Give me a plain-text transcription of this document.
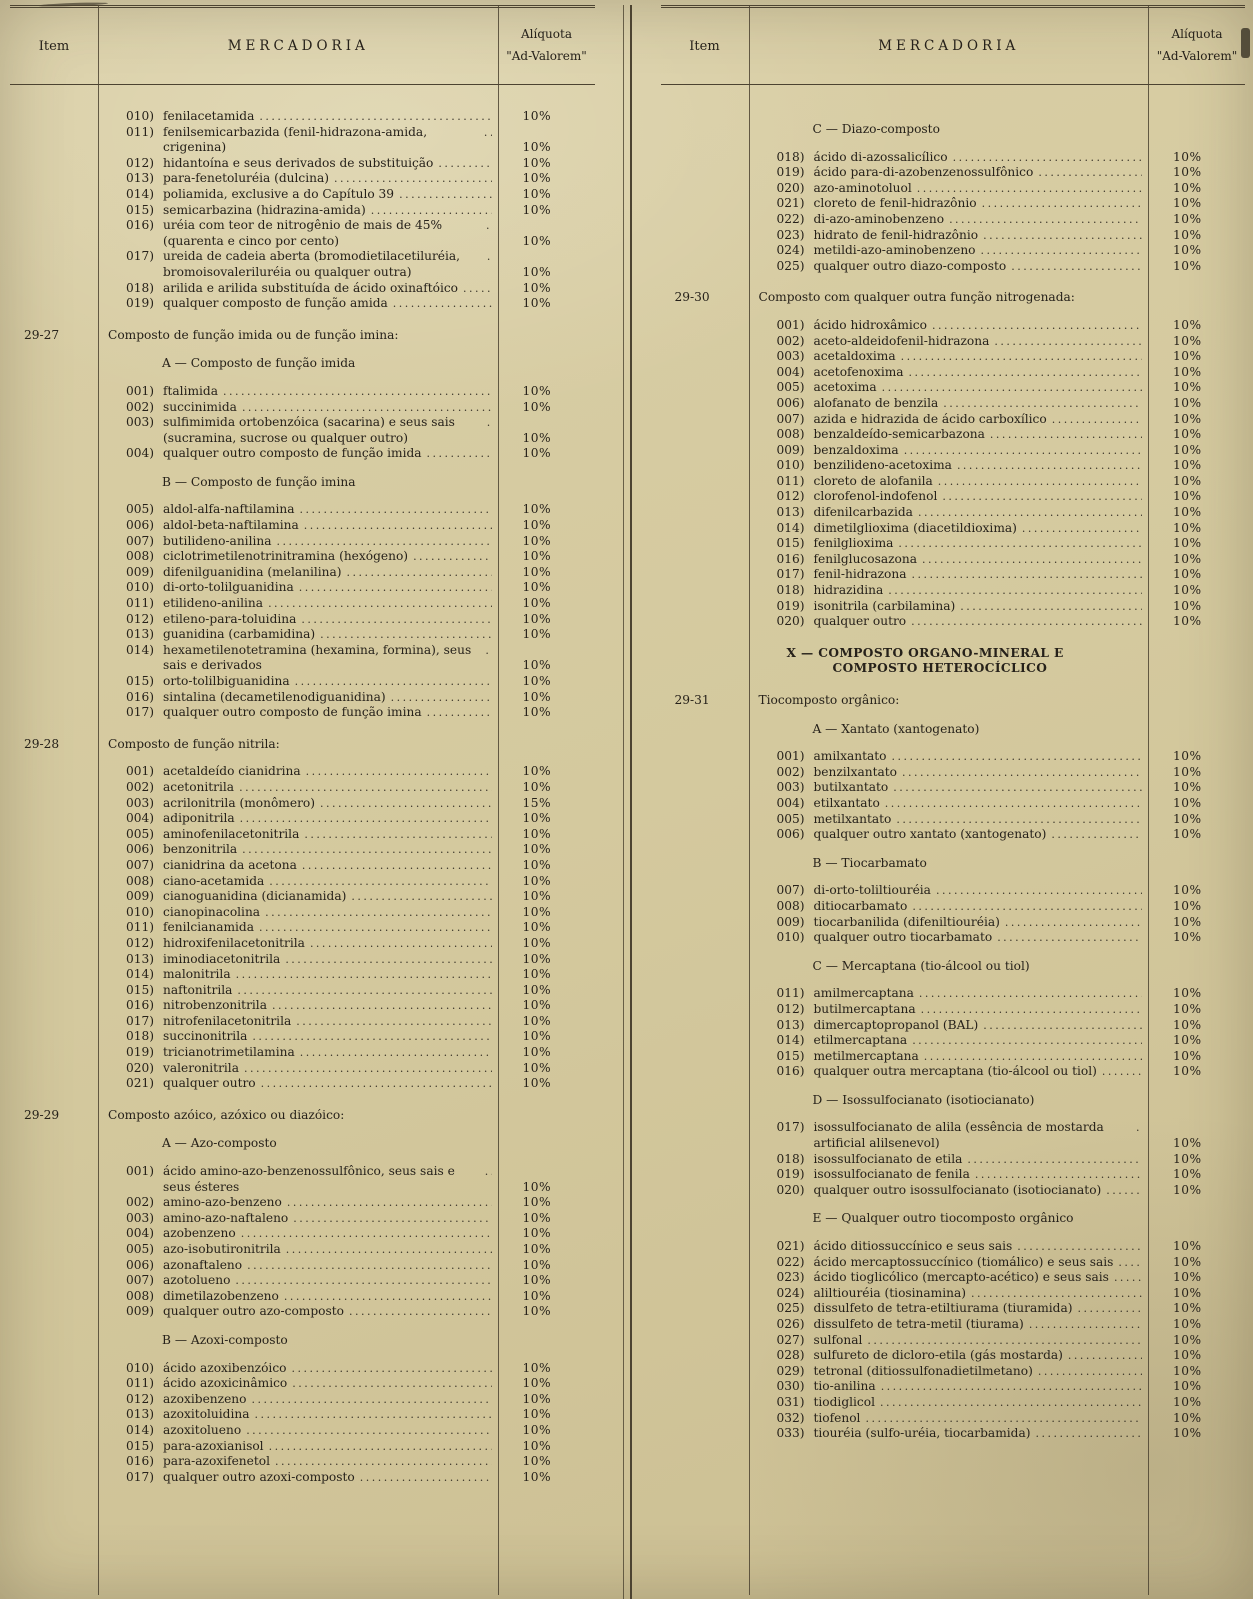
Item	MERCADORIA
Alíquota
"Ad-Valorem"
010) fenilacetamida .....	10%
011) fenilsemicarbazida (fenil-hidrazona-amida, crigenina)
.....	10%
012) hidantoína e seus derivados de substituição .....	10%
013) para-fenetoluréia (dulcina) .....	10%
014) poliamida, exclusive a do Capítulo 39 .....	10%
015) semicarbazina (hidrazina-amida) .....	10%
016) uréia com teor de nitrogênio de mais de 45% (quarenta e cinco por cento)
.....	10%
017) ureida de cadeia aberta (bromodietilacetiluréia, bromoisovaleriluréia ou qualquer outra)
.....	10%
018) arilida e arilida substituída de ácido oxinaftóico .....	10%
019) qualquer composto de função amida .....	10%
29-27	Composto de função imida ou de função imina:
A — Composto de função imida
001) ftalimida .....	10%
002) succinimida .....	10%
003) sulfimimida ortobenzóica (sacarina) e seus sais (sucramina, sucrose ou qualquer outro)
.....	10%
004) qualquer outro composto de função imida .....	10%
B — Composto de função imina
005) aldol-alfa-naftilamina .....	10%
006) aldol-beta-naftilamina .....	10%
007) butilideno-anilina .....	10%
008) ciclotrimetilenotrinitramina (hexógeno) .....	10%
009) difenilguanidina (melanilina) .....	10%
010) di-orto-tolilguanidina .....	10%
011) etilideno-anilina .....	10%
012) etileno-para-toluidina .....	10%
013) guanidina (carbamidina) .....	10%
014) hexametilenotetramina (hexamina, formina), seus sais e derivados
.....	10%
015) orto-tolilbiguanidina .....	10%
016) sintalina (decametilenodiguanidina) .....	10%
017) qualquer outro composto de função imina .....	10%
29-28	Composto de função nitrila:
001) acetaldeído cianidrina .....	10%
002) acetonitrila .....	10%
003) acrilonitrila (monômero) .....	15%
004) adiponitrila .....	10%
005) aminofenilacetonitrila .....	10%
006) benzonitrila .....	10%
007) cianidrina da acetona .....	10%
008) ciano-acetamida .....	10%
009) cianoguanidina (dicianamida) .....	10%
010) cianopinacolina .....	10%
011) fenilcianamida .....	10%
012) hidroxifenilacetonitrila .....	10%
013) iminodiacetonitrila .....	10%
014) malonitrila .....	10%
015) naftonitrila .....	10%
016) nitrobenzonitrila .....	10%
017) nitrofenilacetonitrila .....	10%
018) succinonitrila .....	10%
019) tricianotrimetilamina .....	10%
020) valeronitrila .....	10%
021) qualquer outro .....	10%
29-29	Composto azóico, azóxico ou diazóico:
A — Azo-composto
001) ácido amino-azo-benzenossulfônico, seus sais e seus ésteres
.....	10%
002) amino-azo-benzeno .....	10%
003) amino-azo-naftaleno .....	10%
004) azobenzeno .....	10%
005) azo-isobutironitrila .....	10%
006) azonaftaleno .....	10%
007) azotolueno .....	10%
008) dimetilazobenzeno .....	10%
009) qualquer outro azo-composto .....	10%
B — Azoxi-composto
010) ácido azoxibenzóico .....	10%
011) ácido azoxicinâmico .....	10%
012) azoxibenzeno .....	10%
013) azoxitoluidina .....	10%
014) azoxitolueno .....	10%
015) para-azoxianisol .....	10%
016) para-azoxifenetol .....	10%
017) qualquer outro azoxi-composto .....	10%
Item	MERCADORIA
Alíquota
"Ad-Valorem"
C — Diazo-composto
018) ácido di-azossalicílico .....	10%
019) ácido para-di-azobenzenossulfônico .....	10%
020) azo-aminotoluol .....	10%
021) cloreto de fenil-hidrazônio .....	10%
022) di-azo-aminobenzeno .....	10%
023) hidrato de fenil-hidrazônio .....	10%
024) metildi-azo-aminobenzeno .....	10%
025) qualquer outro diazo-composto .....	10%
29-30	Composto com qualquer outra função nitrogenada:
001) ácido hidroxâmico .....	10%
002) aceto-aldeidofenil-hidrazona .....	10%
003) acetaldoxima .....	10%
004) acetofenoxima .....	10%
005) acetoxima .....	10%
006) alofanato de benzila .....	10%
007) azida e hidrazida de ácido carboxílico .....	10%
008) benzaldeído-semicarbazona .....	10%
009) benzaldoxima .....	10%
010) benzilideno-acetoxima .....	10%
011) cloreto de alofanila .....	10%
012) clorofenol-indofenol .....	10%
013) difenilcarbazida .....	10%
014) dimetilglioxima (diacetildioxima) .....	10%
015) fenilglioxima .....	10%
016) fenilglucosazona .....	10%
017) fenil-hidrazona .....	10%
018) hidrazidina .....	10%
019) isonitrila (carbilamina) .....	10%
020) qualquer outro .....	10%
X — COMPOSTO ORGANO-MINERAL E
COMPOSTO HETEROCÍCLICO
29-31	Tiocomposto orgânico:
A — Xantato (xantogenato)
001) amilxantato .....	10%
002) benzilxantato .....	10%
003) butilxantato .....	10%
004) etilxantato .....	10%
005) metilxantato .....	10%
006) qualquer outro xantato (xantogenato) .....	10%
B — Tiocarbamato
007) di-orto-toliltiouréia .....	10%
008) ditiocarbamato .....	10%
009) tiocarbanilida (difeniltiouréia) .....	10%
010) qualquer outro tiocarbamato .....	10%
C — Mercaptana (tio-álcool ou tiol)
011) amilmercaptana .....	10%
012) butilmercaptana .....	10%
013) dimercaptopropanol (BAL) .....	10%
014) etilmercaptana .....	10%
015) metilmercaptana .....	10%
016) qualquer outra mercaptana (tio-álcool ou tiol) .....	10%
D — Isossulfocianato (isotiocianato)
017) isossulfocianato de alila (essência de mostarda artificial alilsenevol)
.....	10%
018) isossulfocianato de etila .....	10%
019) isossulfocianato de fenila .....	10%
020) qualquer outro isossulfocianato (isotiocianato) .....	10%
E — Qualquer outro tiocomposto orgânico
021) ácido ditiossuccínico e seus sais .....	10%
022) ácido mercaptossuccínico (tiomálico) e seus sais .....	10%
023) ácido tioglicólico (mercapto-acético) e seus sais .....	10%
024) aliltiouréia (tiosinamina) .....	10%
025) dissulfeto de tetra-etiltiurama (tiuramida) .....	10%
026) dissulfeto de tetra-metil (tiurama) .....	10%
027) sulfonal .....	10%
028) sulfureto de dicloro-etila (gás mostarda) .....	10%
029) tetronal (ditiossulfonadietilmetano) .....	10%
030) tio-anilina .....	10%
031) tiodiglicol .....	10%
032) tiofenol .....	10%
033) tiouréia (sulfo-uréia, tiocarbamida) .....	10%
